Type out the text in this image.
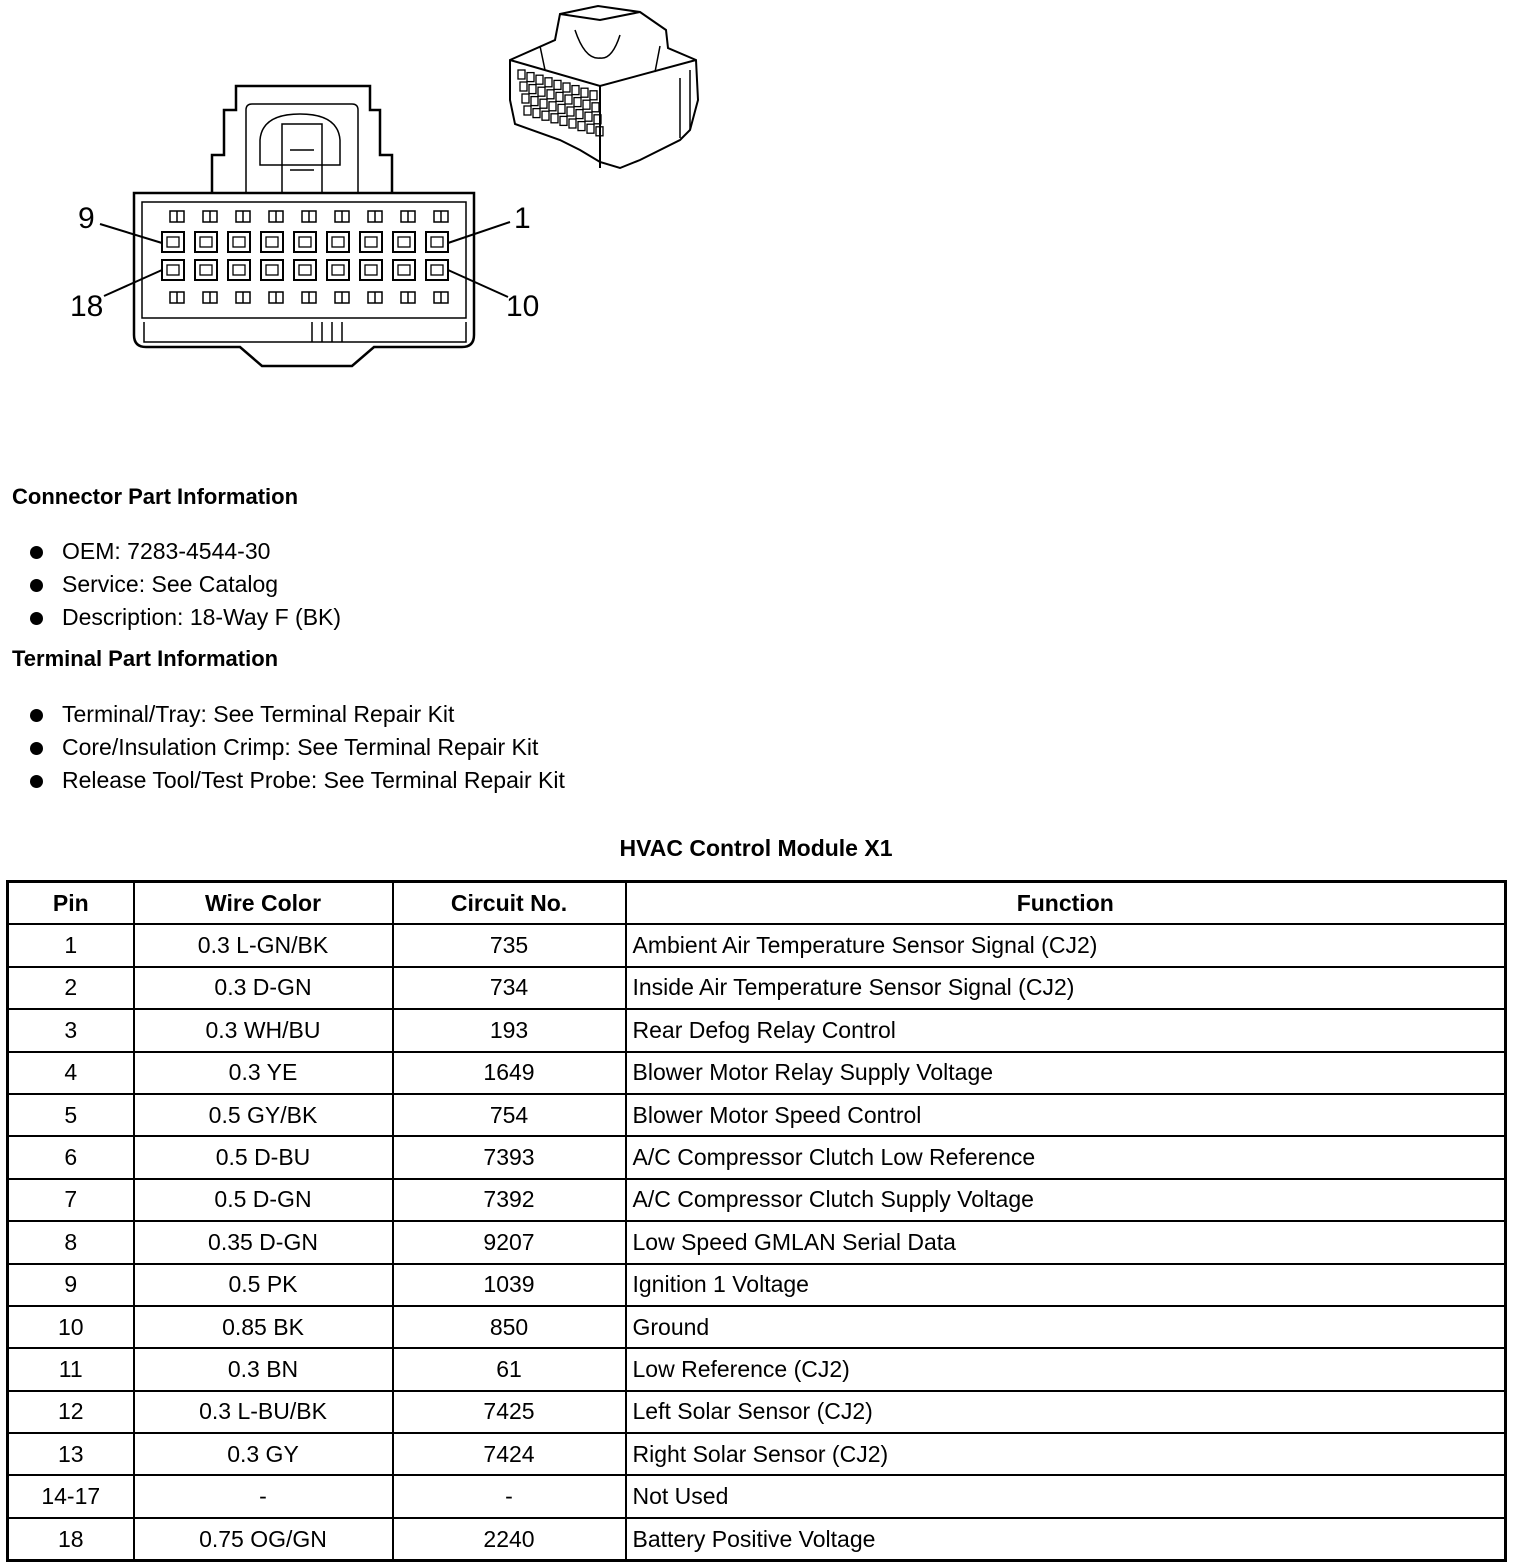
9	1
18	10
Connector Part Information
OEM: 7283-4544-30
Service: See Catalog
Description: 18-Way F (BK)
Terminal Part Information
Terminal/Tray: See Terminal Repair Kit
Core/Insulation Crimp: See Terminal Repair Kit
Release Tool/Test Probe: See Terminal Repair Kit
HVAC Control Module X1
Pin	Wire Color	Circuit No.	Function
1	0.3 L-GN/BK	735	Ambient Air Temperature Sensor Signal (CJ2)
2	0.3 D-GN	734	Inside Air Temperature Sensor Signal (CJ2)
3	0.3 WH/BU	193	Rear Defog Relay Control
4	0.3 YE	1649	Blower Motor Relay Supply Voltage
5	0.5 GY/BK	754	Blower Motor Speed Control
6	0.5 D-BU	7393	A/C Compressor Clutch Low Reference
7	0.5 D-GN	7392	A/C Compressor Clutch Supply Voltage
8	0.35 D-GN	9207	Low Speed GMLAN Serial Data
9	0.5 PK	1039	Ignition 1 Voltage
10	0.85 BK	850	Ground
11	0.3 BN	61	Low Reference (CJ2)
12	0.3 L-BU/BK	7425	Left Solar Sensor (CJ2)
13	0.3 GY	7424	Right Solar Sensor (CJ2)
14-17	-	-	Not Used
18	0.75 OG/GN	2240	Battery Positive Voltage
